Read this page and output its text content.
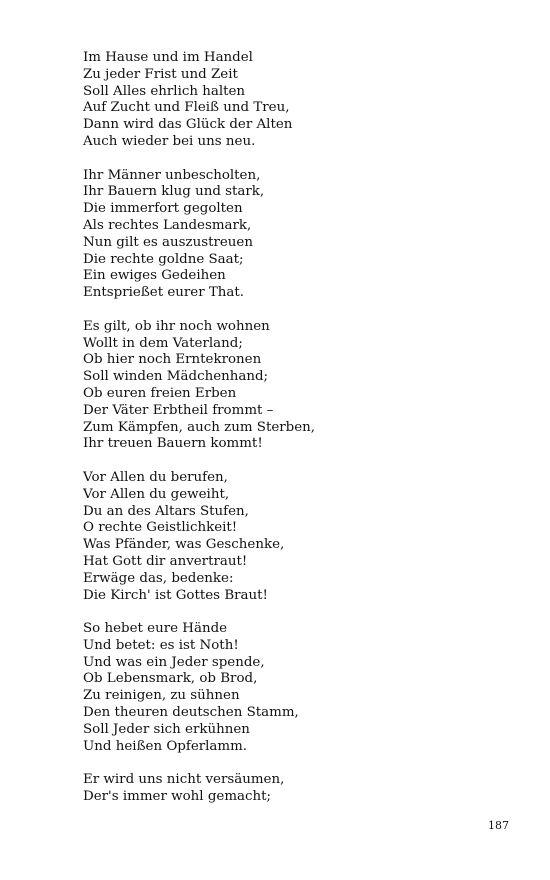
Im Hause und im Handel
Zu jeder Frist und Zeit
Soll Alles ehrlich halten
Auf Zucht und Fleiß und Treu,
Dann wird das Glück der Alten
Auch wieder bei uns neu.
Ihr Männer unbescholten,
Ihr Bauern klug und stark,
Die immerfort gegolten
Als rechtes Landesmark,
Nun gilt es auszustreuen
Die rechte goldne Saat;
Ein ewiges Gedeihen
Entsprießet eurer That.
Es gilt, ob ihr noch wohnen
Wollt in dem Vaterland;
Ob hier noch Erntekronen
Soll winden Mädchenhand;
Ob euren freien Erben
Der Väter Erbtheil frommt –
Zum Kämpfen, auch zum Sterben,
Ihr treuen Bauern kommt!
Vor Allen du berufen,
Vor Allen du geweiht,
Du an des Altars Stufen,
O rechte Geistlichkeit!
Was Pfänder, was Geschenke,
Hat Gott dir anvertraut!
Erwäge das, bedenke:
Die Kirch' ist Gottes Braut!
So hebet eure Hände
Und betet: es ist Noth!
Und was ein Jeder spende,
Ob Lebensmark, ob Brod,
Zu reinigen, zu sühnen
Den theuren deutschen Stamm,
Soll Jeder sich erkühnen
Und heißen Opferlamm.
Er wird uns nicht versäumen,
Der's immer wohl gemacht;
187
